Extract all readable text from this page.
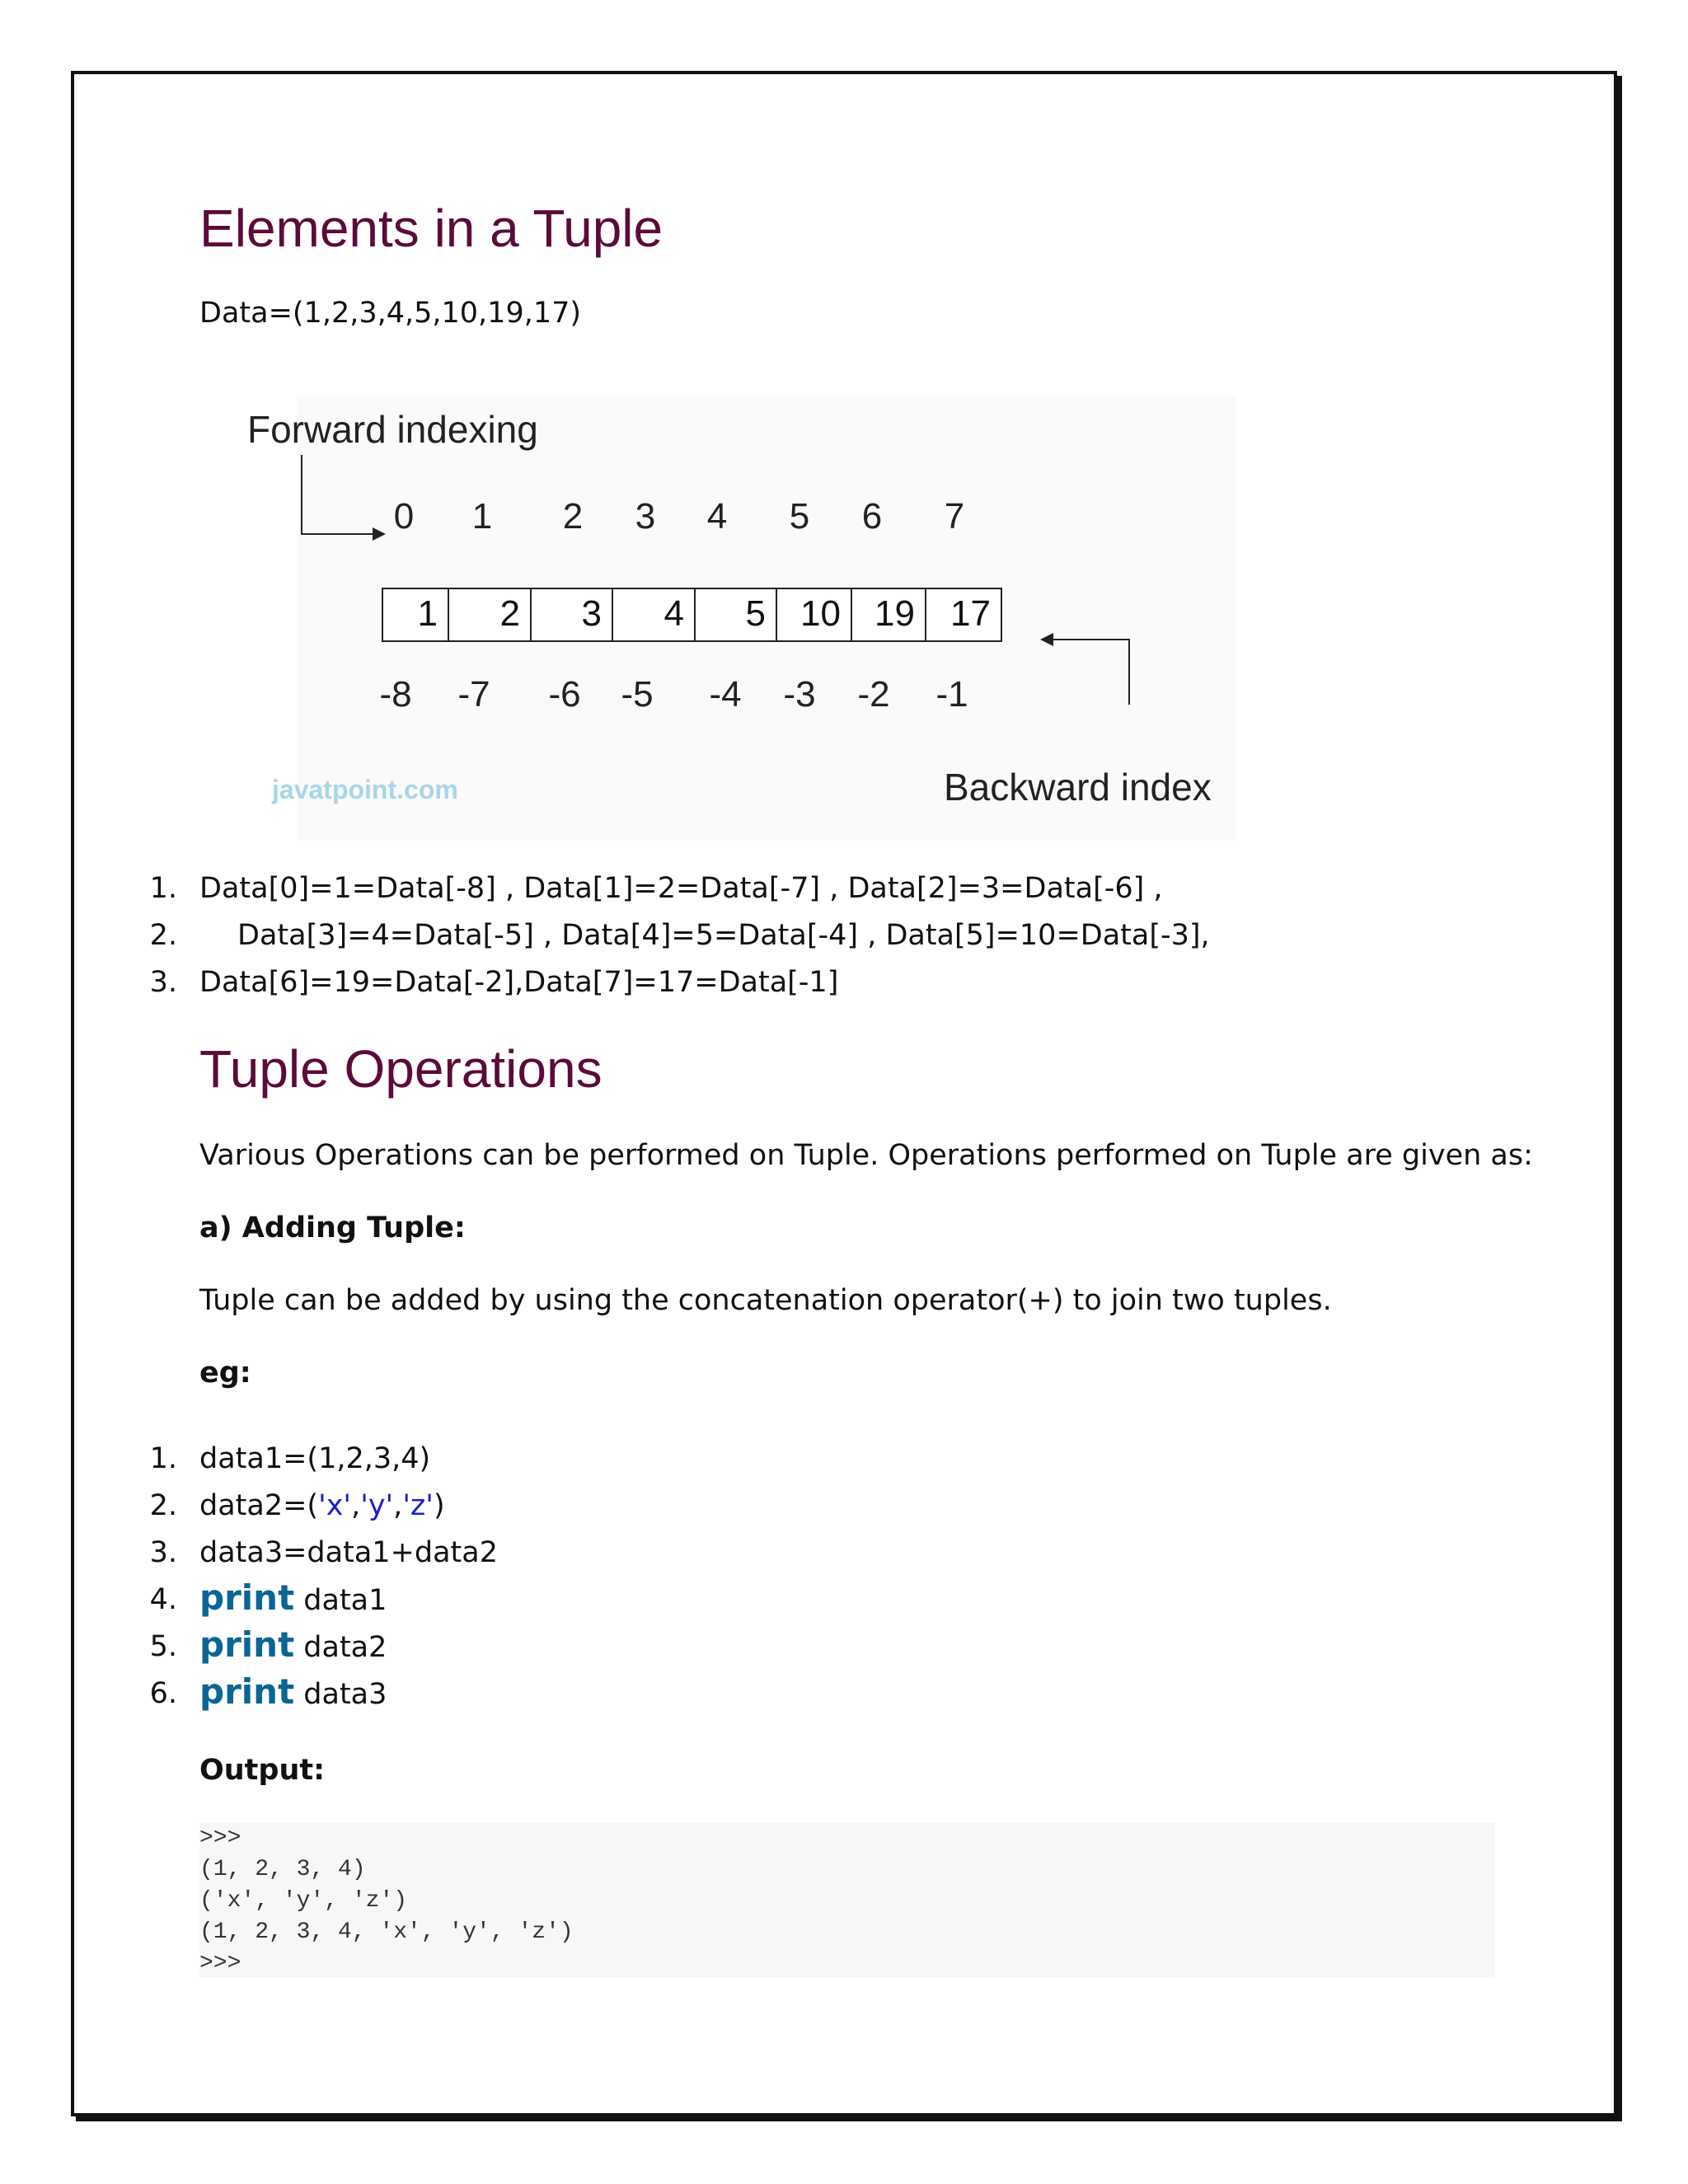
Elements in a Tuple
Data=(1,2,3,4,5,10,19,17)
Forward indexing
0	1	2	3	4	5	6	7
1	2	3	4	5 10 19 17
-8 -7 -6 -5 -4 -3 -2 -1
javatpoint.com	Backward index
1. Data[0]=1=Data[-8] , Data[1]=2=Data[-7] , Data[2]=3=Data[-6] ,
2. Data[3]=4=Data[-5] , Data[4]=5=Data[-4] , Data[5]=10=Data[-3],
3. Data[6]=19=Data[-2],Data[7]=17=Data[-1]
Tuple Operations
Various Operations can be performed on Tuple. Operations performed on Tuple are given as:
a) Adding Tuple:
Tuple can be added by using the concatenation operator(+) to join two tuples.
eg:
1. data1=(1,2,3,4)
2. data2=('x','y','z')
3. data3=data1+data2
4. print data1
5. print data2
6. print data3
Output:
>>>
(1, 2, 3, 4)
('x', 'y', 'z')
(1, 2, 3, 4, 'x', 'y', 'z')
>>>
